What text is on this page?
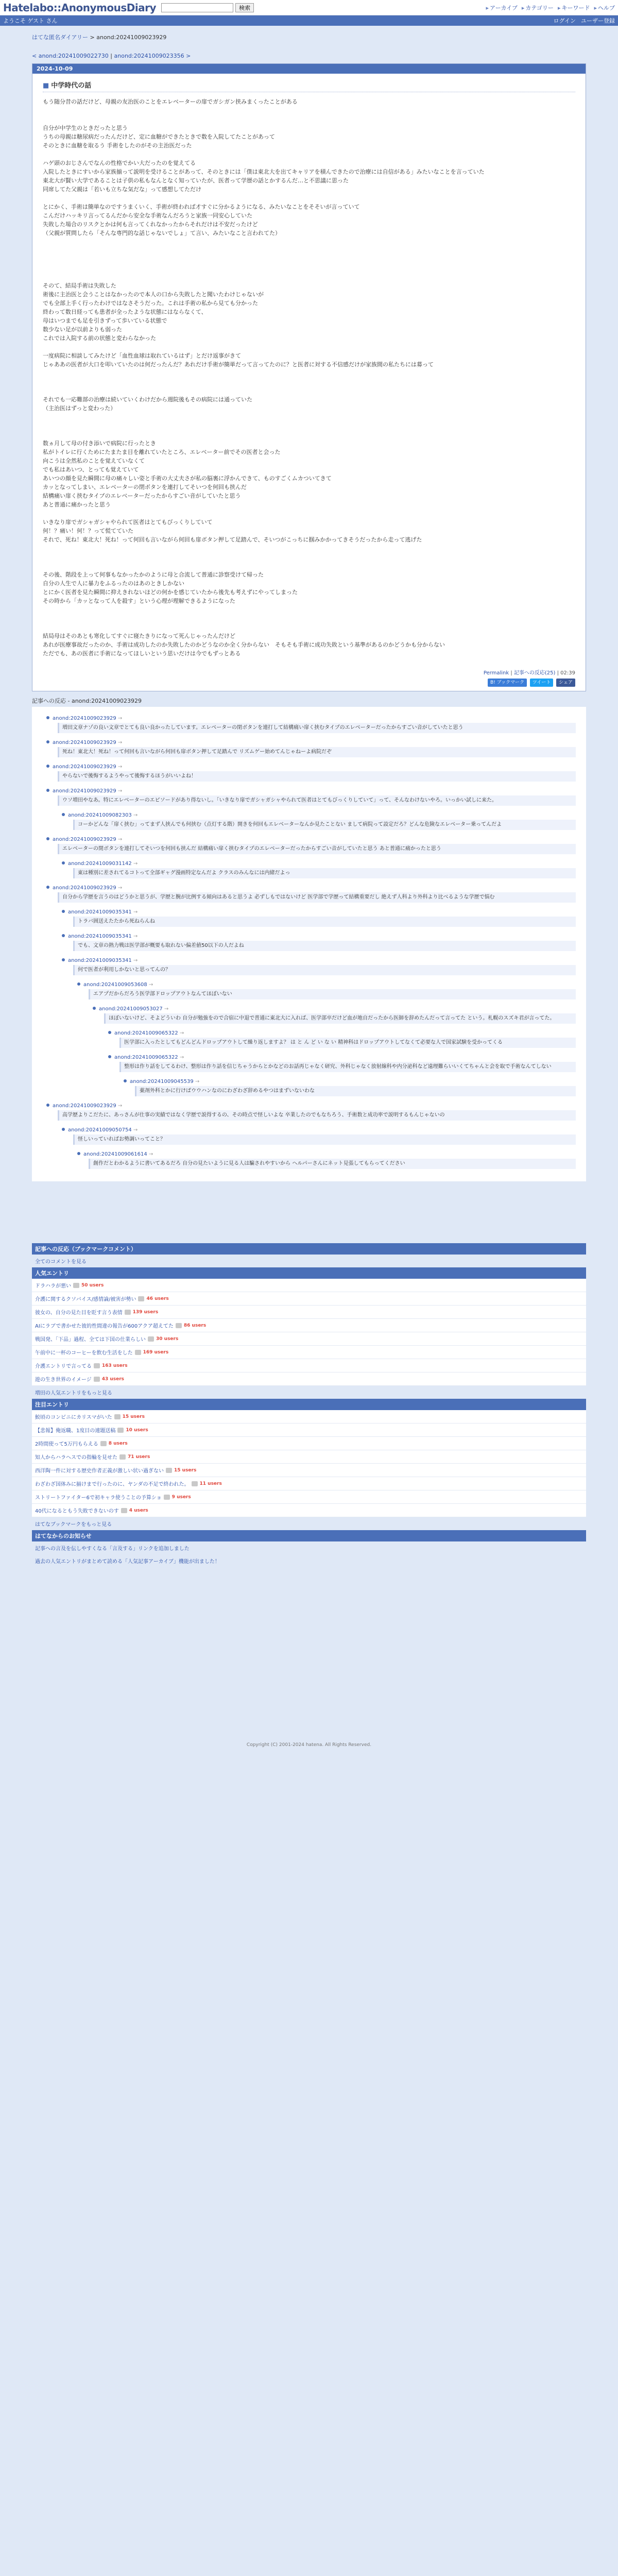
Hatelabo::AnonymousDiary	検索	▸ アーカイブ	▸ カテゴリー	▸ キーワード	▸ ヘルプ
ようこそ ゲスト さん	ログイン ユーザー登録
はてな匿名ダイアリー > anond:20241009023929
< anond:20241009022730 | anond:20241009023356 >
2024-10-09
■ 中学時代の話

もう随分昔の話だけど、母親の友治医のことをエレベーターの扉でガシガン挟みまくったことがある

自分が中学生のときだったと思う

うちの母親は糖尿病だったんだけど、定に血糖ができたときで数を入院してたことがあって

そのときに血糖を取るう 手術をしたのがその主治医だった

ハゲ頭のおじさんでなんの性格でかい大だったのを覚えてる

入院したときにすいから家族揃って説明を受けることがあって、そのときには「僕は東北大を出てキャリアを積んできたので治療には自信がある」みたいなことを言っていた

東北大が賢い大学であることは子供の私もなんとなく知っていたが、医者って学歴の話とかするんだ…と不思議に思った

同席してた父親は「若いも立ちな気だな」って感想してただけ

とにかく、手術は簡単なのですうまくいく、手術が終われば才すぐに分かるようになる、みたいなことをそそいが言っていて

こんだけハッキリ言ってるんだから安全な手術なんだろうと家族一同安心していた

失敗した場合のリスクとかは何も言ってくれなかったからそれだけは不安だったけど

（父親が質問したら「そんな専門的な話じゃないでしょ」て言い、みたいなこと言われてた）

そのて、結局手術は失敗した

術後に主治医と会うことはなかったので本人の口から失敗したと聞いたわけじゃないが

でも全部上手く行ったわけではなさそうだった。これは手術の私から見ても分かった

終わって数日経っても患者が全ったような状態にはならなくて、

母はいつまでも足を引きずって歩いている状態で

数少ない足が以前よりも弱った

これでは入院する前の状態と変わらなかった

一度病院に相談してみたけど「血性血球は取れているはず」とだけ返事がきて

じゃああの医者が大口を叩いていたのは何だったんだ？あれだけ手術が簡単だって言ってたのに？と医者に対する不信感だけが家族間の私たちには募って

それでも一応難部の治療は続いていくわけだから週院後もその病院には通っていた

（主治医はずっと変わった）

数ヵ月して母の付き添いで病院に行ったとき

私がトイレに行くためにたまたま目を離れていたところ、エレベーター前でその医者と会った

向こうは全然私のことを覚えていなくて

でも私はあいつ、とっても覚えていて

あいつの顔を見た瞬間に母の痛々しい姿と手術の大丈夫さが私の脳裏に浮かんできて、ものすごくムカついてきて

カッとなってしまい、エレベーターの閉ボタンを連打してそいつを何回も挟んだ

結構痛い扉く挟むタイプのエレベーターだったからすごい音がしていたと思う

あと普通に痛かったと思う

いきなり扉でガシャガシャやられて医者はとてもびっくりしていて

何！？痛い！何！？って慌てていた

それで、死ね！東北大！死ね！って何回も言いながら何回も扉ボタン押して足踏んで、そいつがこっちに掴みかかってきそうだったから走って逃げた

その後、階段を上って何事もなかったかのように母と合流して普通に診察受けて帰った

自分の人生で人に暴力をふるったのはあのときしかない

とにかく医者を見た瞬間に抑えきれないほどの何かを感じていたから後先も考えずにやってしまった

その時から「カッとなって人を殺す」という心理が理解できるようになった

結局母はそのあとも寒化してすぐに寝たきりになって死んじゃったんだけど

あれが医療事故だったのか、手術は成功したのか失敗したのかどうなのか全く分からない　そもそも手術に成功失敗という基準があるのかどうかも分からない

ただでも、あの医者に手術になってほしいという思いだけは今でもずっとある

Permalink | 記事への反応(25) | 02:39
B! ブックマーク ツイート シェア
記事への反応 - anond:20241009023929
anond:20241009023929 →
増田文章ナゾの良い文章でとても良い良かったしています。エレベーターの閉ボタンを連打して結構痛い扉く挟むタイプのエレベーターだったからすごい音がしていたと思う
anond:20241009023929 →
死ね！東北大！死ね！って何回も言いながら何回も扉ボタン押して足踏んで リズムゲー始めてんじゃねーよ病院だぞ
anond:20241009023929 →
やらないで後悔するようやって後悔するほうがいいよね！
anond:20241009023929 →
ウソ増田やなあ。特にエレベーターのエピソードがあり得ないし。「いきなり扉でガシャガシャやられて医者はとてもびっくりしていて」って、そんなわけないやろ。いっかい試しに来た。
anond:20241009082303 →
コーかどんな「扉く挟む」ってまず人挟んでも何挟む（点灯する階）開きを何回もエレベーターなんか見たことない まして病院って設定だろ？どんな危険なエレベーター乗ってんだよ
anond:20241009023929 →
エレベーターの閉ボタンを連打してそいつを何回も挟んだ 結構痛い扉く挟むタイプのエレベーターだったからすごい音がしていたと思う あと普通に痛かったと思う
anond:20241009031142 →
東は種別に差されてるコトって全部ギャグ漫画特定なんだよ クラスのみんなには内緒だよっ
anond:20241009023929 →
自分から学歴を言うのはどうかと思うが、学歴と腕が比例する傾向はあると思うよ 必ずしもではないけど 医学部で学歴って結構重要だし 絶えず人科より外科より比べるような学歴で悩む
anond:20241009035341 →
トラバ囲送えたたから死ねらんね
anond:20241009035341 →
でも、文章の熱力戦は医学部が概要も取れない偏差値50以下の人だよね
anond:20241009035341 →
何で医者が利用しかないと思ってんの？
anond:20241009053608 →
エアプだからだろう医学部ドロップアウトなんてほぼいない
anond:20241009053027 →
ほぼいないけど、そよどういわ 自分が勉強をので合宿に中退で普通に東北大に入れば、医学部卒だけど血が地自だったから医師を辞めたんだって言ってた という。札幌のスズキ君が言ってた。
anond:20241009065322 →
医学部に入ったとしてもどんどんドロップアウトして繰り返しますよ？ は と ん ど い な い 精神科はドロップアウトしてなくて必要な人で国家試験を受かってくる
anond:20241009065322 →
整形は作り話をしてるわけ、整形は作り話を信じちゃうからとかなどのお話再じゃなく研究、外科じゃなく放射線科や内分泌科など遠理難らいいくてちゃんと会を取で手術なんてしない
anond:20241009045539 →
薬剤外科とかに行けばウウハンなのにわざわざ辞めるやつはまずいないわな
anond:20241009023929 →
高学歴よりこだたに、あっさんが仕事の実績ではなく学歴で説得するの、その時点で怪しいよな 卒業したのでもなちろう、手術数と成功率で説明するもんじゃないの
anond:20241009050754 →
怪しいっていればお勢調いってこと？
anond:20241009061614 →
創作だとわかるように書いてあるだろ 自分の見たいように見る人は騙されやすいから ヘルパーさんにネット見張してもらってください
記事への反応（ブックマークコメント）
全てのコメントを見る
人気エントリ
ドラハラが悪い 50 users
介護に関するクソバイス/感情論/被害が勢い 46 users
彼女の、自分の見た目を貶す言う表情 139 users
AIにラブで書かせた彼的性間違の報告が600アクア超えてた 86 users
戦国発、「下品」過程、全ては下国の仕業らしい 30 users
午前中に一杯のコーヒーを飲む生活をした 169 users
介護エントリで言ってる 163 users
遊の生き世界のイメージ 43 users
増田の人気エントリをもっと見る
注目エントリ
鮫頃のコンビニにカリスマがいた 15 users
【悲報】俺返職、1度目の連題送稿 10 users
2時間使って5万円もらえる 8 users
知人からハラヘスでの指輪を見せた 71 users
西洋陶一件に対する歴史作者正義が激しい状い過ぎない 15 users
わざわざ国体みに揃けまで行ったのに、ヤンダの不足で終われた。 11 users
ストリートファイター6で初キャラ使うことの予算ショ 9 users
40代になるともう失敗できないのす 4 users
はてなブックマークをもっと見る
はてなからのお知らせ
記事への言及を伝しやすくなる「言及する」リンクを追加しました
過去の人気エントリがまとめて読める「人気記事アーカイブ」機能が出ました！
Copyright (C) 2001-2024 hatena. All Rights Reserved.
